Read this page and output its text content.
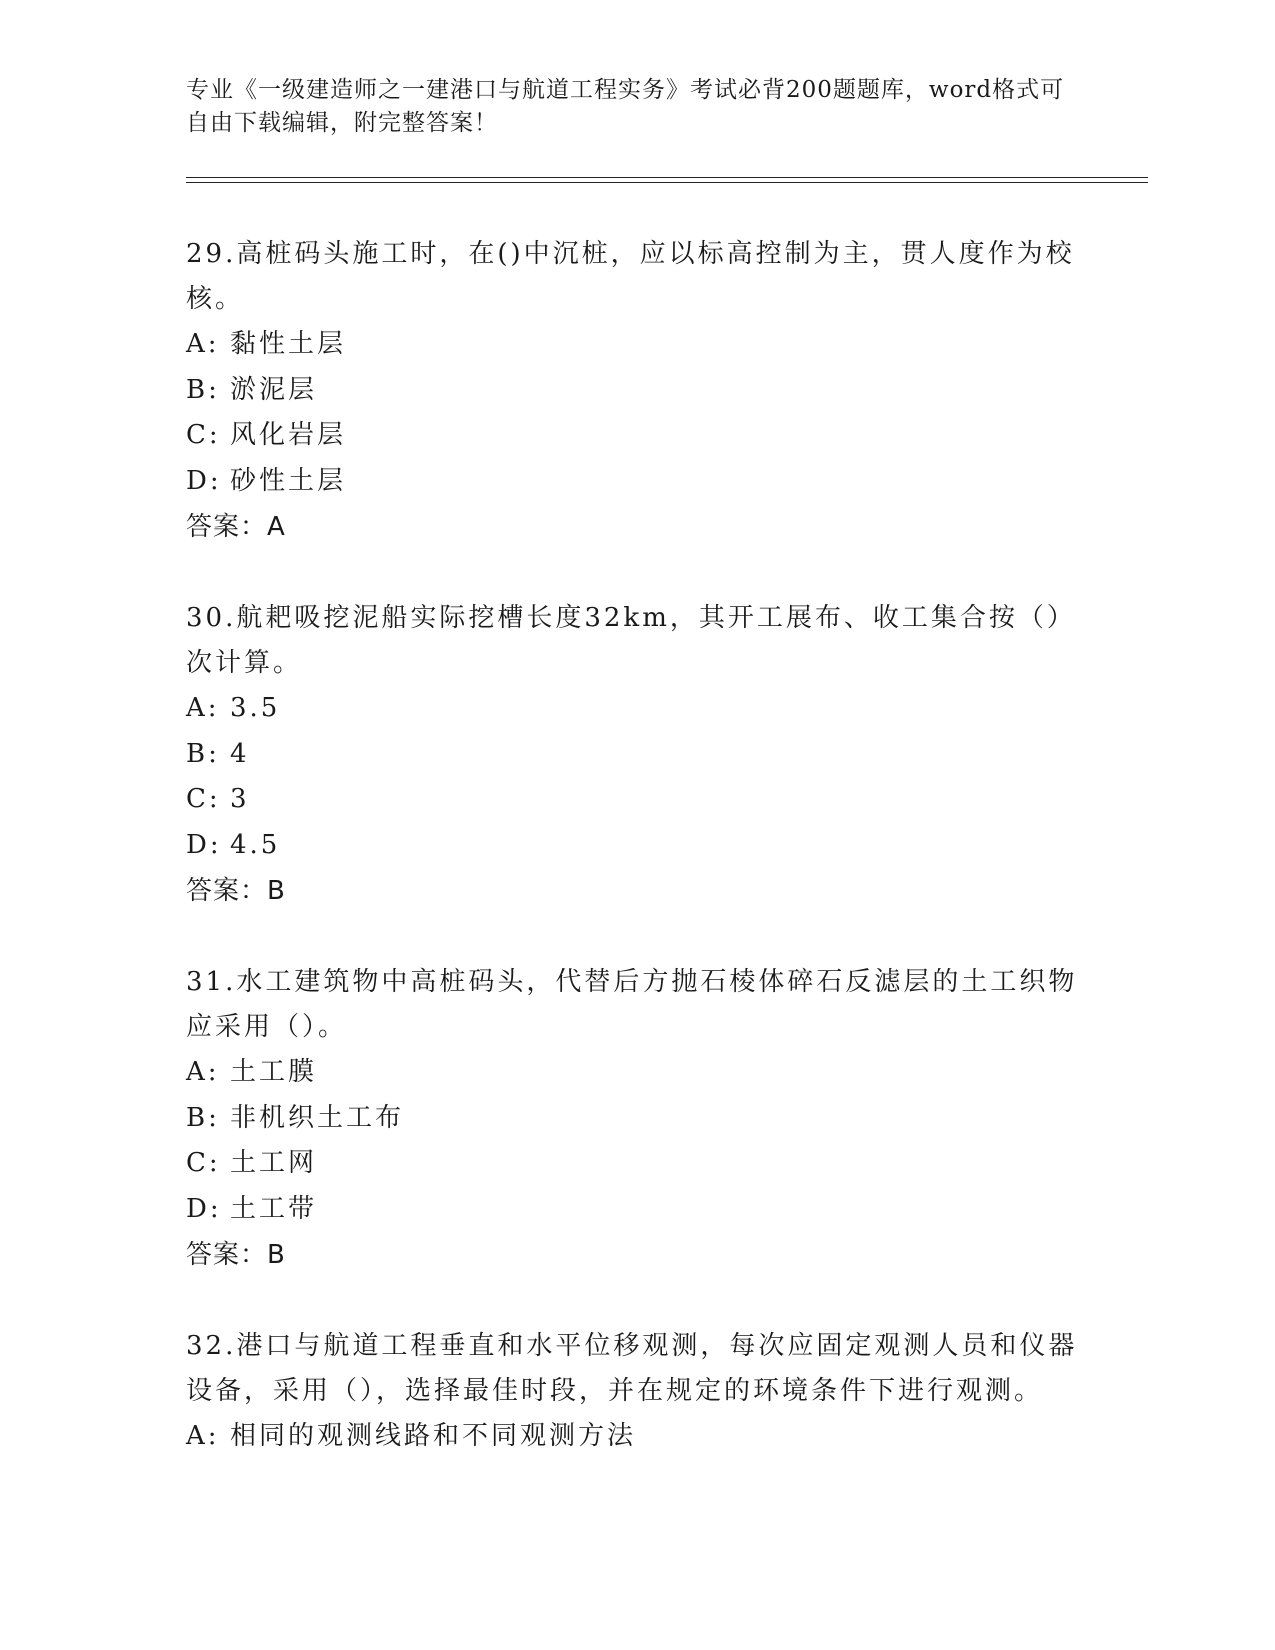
专业《一级建造师之一建港口与航道工程实务》考试必背200题题库，word格式可自由下载编辑，附完整答案！

29.高桩码头施工时，在()中沉桩，应以标高控制为主，贯人度作为校核。

A: 黏性土层
B: 淤泥层
C: 风化岩层
D: 砂性土层
答案：A

30.航耙吸挖泥船实际挖槽长度32km，其开工展布、收工集合按（）次计算。

A: 3.5
B: 4
C: 3
D: 4.5
答案：B

31.水工建筑物中高桩码头，代替后方抛石棱体碎石反滤层的土工织物应采用（）。

A: 土工膜
B: 非机织土工布
C: 土工网
D: 土工带
答案：B

32.港口与航道工程垂直和水平位移观测，每次应固定观测人员和仪器设备，采用（），选择最佳时段，并在规定的环境条件下进行观测。

A: 相同的观测线路和不同观测方法
